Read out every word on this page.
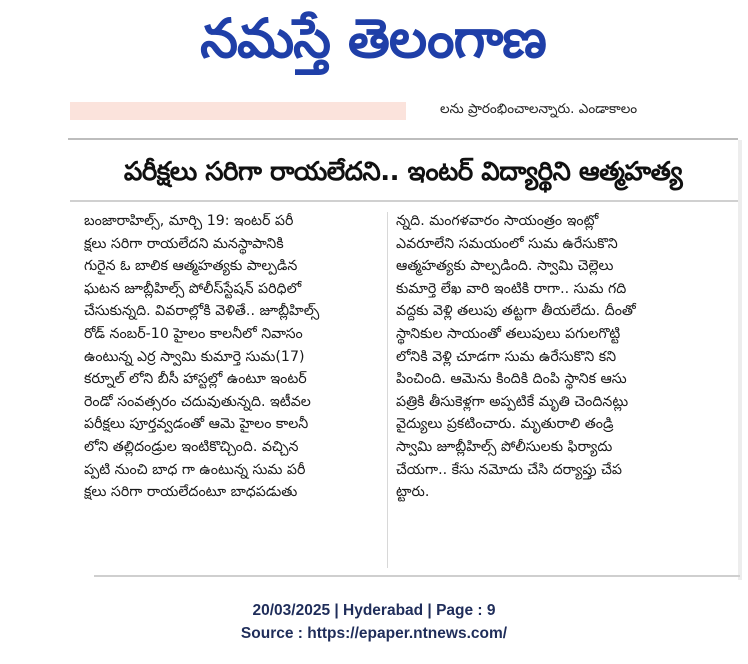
నమస్తే తెలంగాణ
లను ప్రారంభించాలన్నారు. ఎండాకాలం
పరీక్షలు సరిగా రాయలేదని.. ఇంటర్ విద్యార్థిని ఆత్మహత్య
బంజారాహిల్స్, మార్చి 19: ఇంటర్ పరీ
క్షలు సరిగా రాయలేదని మనస్థాపానికి
గురైన ఓ బాలిక ఆత్మహత్యకు పాల్పడిన
ఘటన జూబ్లీహిల్స్ పోలీస్‌స్టేషన్ పరిధిలో
చేసుకున్నది. వివరాల్లోకి వెళితే.. జూబ్లీహిల్స్
రోడ్ నంబర్-10 హైలం కాలనీలో నివాసం
ఉంటున్న ఎర్ర స్వామి కుమార్తె సుమ(17)
కర్నూల్ లోని బీసీ హాస్టల్లో ఉంటూ ఇంటర్
రెండో సంవత్సరం చదువుతున్నది. ఇటీవల
పరీక్షలు పూర్తవ్వడంతో ఆమె హైలం కాలనీ
లోని తల్లిదండ్రుల ఇంటికొచ్చింది. వచ్చిన
ప్పటి నుంచి బాధ గా ఉంటున్న సుమ పరీ
క్షలు సరిగా రాయలేదంటూ బాధపడుతు
న్నది. మంగళవారం సాయంత్రం ఇంట్లో
ఎవరూలేని సమయంలో సుమ ఉరేసుకొని
ఆత్మహత్యకు పాల్పడింది. స్వామి చెల్లెలు
కుమార్తె లేఖ వారి ఇంటికి రాగా.. సుమ గది
వద్దకు వెళ్లి తలుపు తట్టగా తీయలేదు. దీంతో
స్థానికుల సాయంతో తలుపులు పగులగొట్టి
లోనికి వెళ్లి చూడగా సుమ ఉరేసుకొని కని
పించింది. ఆమెను కిందికి దింపి స్థానిక ఆసు
పత్రికి తీసుకెళ్లగా అప్పటికే మృతి చెందినట్లు
వైద్యులు ప్రకటించారు. మృతురాలి తండ్రి
స్వామి జూబ్లీహిల్స్ పోలీసులకు ఫిర్యాదు
చేయగా.. కేసు నమోదు చేసి దర్యాప్తు చేప
ట్టారు.
20/03/2025 | Hyderabad | Page : 9
Source : https://epaper.ntnews.com/
